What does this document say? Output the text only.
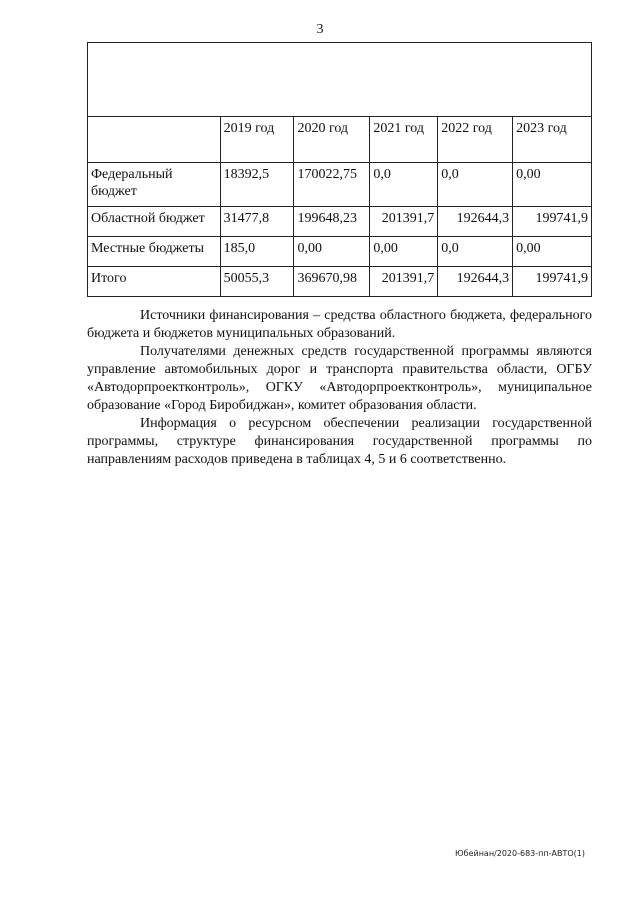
3

	2019 год	2020 год	2021 год	2022 год	2023 год
Федеральный бюджет	18392,5	170022,75	0,0	0,0	0,00
Областной бюджет	31477,8	199648,23	201391,7	192644,3	199741,9
Местные бюджеты	185,0	0,00	0,00	0,0	0,00
Итого	50055,3	369670,98	201391,7	192644,3	199741,9

Источники финансирования – средства областного бюджета, федерального бюджета и бюджетов муниципальных образований.

Получателями денежных средств государственной программы являются управление автомобильных дорог и транспорта правительства области, ОГБУ «Автодорпроектконтроль», ОГКУ «Автодорпроектконтроль», муниципальное образование «Город Биробиджан», комитет образования области.

Информация о ресурсном обеспечении реализации государственной программы, структуре финансирования государственной программы по направлениям расходов приведена в таблицах 4, 5 и 6 соответственно.

Юбейнан/2020-683-пп-АВТО(1)
